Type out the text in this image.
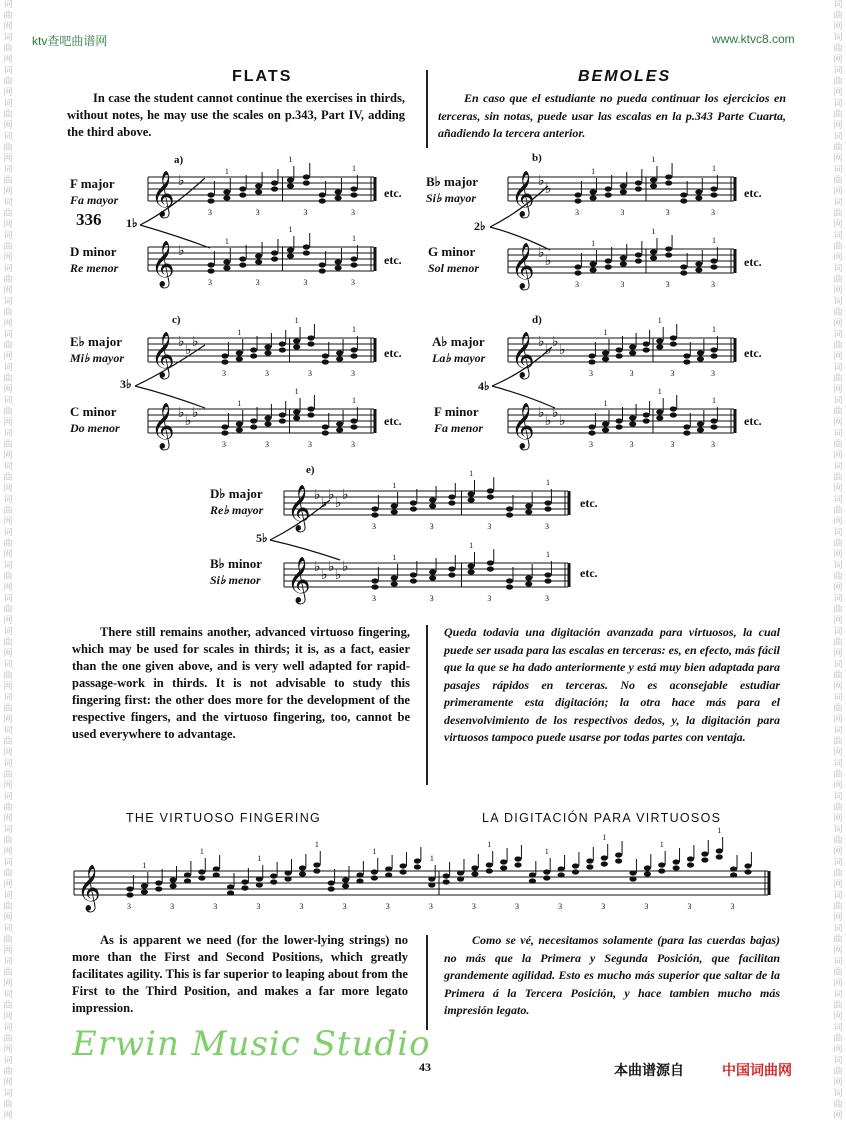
词曲网 词曲网 词曲网 词曲网 词曲网 词曲网 词曲网 词曲网 词曲网 词曲网 词曲网 词曲网 词曲网 词曲网 词曲网 词曲网 词曲网 词曲网 词曲网 词曲网 词曲网 词曲网 词曲网 词曲网 词曲网 词曲网 词曲网 词曲网 词曲网 词曲网 词曲网 词曲网 词曲网 词曲网
词曲网 词曲网 词曲网 词曲网 词曲网 词曲网 词曲网 词曲网 词曲网 词曲网 词曲网 词曲网 词曲网 词曲网 词曲网 词曲网 词曲网 词曲网 词曲网 词曲网 词曲网 词曲网 词曲网 词曲网 词曲网 词曲网 词曲网 词曲网 词曲网 词曲网 词曲网 词曲网 词曲网 词曲网
ktv查吧曲谱网	www.ktvc8.com
FLATS	BEMOLES
In case the student cannot continue the exercises in thirds, without notes, he may use the scales on p.343, Part IV, adding the third above.
En caso que el estudiante no pueda continuar los ejercicios en terceras, sin notas, puede usar las escalas en la p.343 Parte Cuarta, añadiendo la tercera anterior.
F major
Fa mayor
336 1♭
D minor
Re menor
a)
𝄞 ♭
3
1
3
1
3	3
1
𝄞 ♭
3
1
3
1
3	3
1
etc.
etc.
B♭ major
Si♭ mayor
2♭
G minor
Sol menor
b)
𝄞 ♭ ♭
3
1
3
1
3	3
1
𝄞 ♭ ♭
3
1
3
1
3	3
1
etc.
etc.
E♭ major
Mi♭ mayor
3♭
C minor
Do menor
c)
𝄞 ♭ ♭ ♭
3
1
3
1
3	3
1
𝄞 ♭ ♭ ♭
3
1
3
1
3	3
1
etc.
etc.
A♭ major
La♭ mayor
4♭
F minor
Fa menor
d)
𝄞 ♭ ♭ ♭ ♭
3
1
3
1
3	3
1
𝄞 ♭ ♭ ♭ ♭
3
1
3
1
3	3
1
etc.
etc.
D♭ major
Re♭ mayor
5♭
B♭ minor
Si♭ menor
e)
𝄞 ♭ ♭ ♭ ♭ ♭
3
1
3
1
3	3
1
𝄞 ♭ ♭ ♭ ♭ ♭
3
1
3
1
3	3
1
etc.
etc.
There still remains another, advanced virtuoso fingering, which may be used for scales in thirds; it is, as a fact, easier than the one given above, and is very well adapted for rapid-passage-work in thirds. It is not advisable to study this fingering first: the other does more for the development of the respective fingers, and the virtuoso fingering, too, cannot be used everywhere to advantage.
Queda todavia una digitación avanzada para virtuosos, la cual puede ser usada para las escalas en terceras: es, en efecto, más fácil que la que se ha dado anteriormente y está muy bien adaptada para pasajes rápidos en terceras. No es aconsejable estudiar primeramente esta digitación; la otra hace más para el desenvolvimiento de los respectivos dedos, y, la digitación para virtuosos tampoco puede usarse por todas partes con ventaja.
THE VIRTUOSO FINGERING	LA DIGITACIÓN PARA VIRTUOSOS
𝄞	3
1
3
1
3	3
1
3
1
3
1
3	3
1
3
1
3
1
3	3
1
3
1
3
1
3
As is apparent we need (for the lower-lying strings) no more than the First and Second Positions, which greatly facilitates agility. This is far superior to leaping about from the First to the Third Position, and makes a far more legato impression.
Como se vé, necesitamos solamente (para las cuerdas bajas) no más que la Primera y Segunda Posición, que facilitan grandemente agilidad. Esto es mucho más superior que saltar de la Primera á la Tercera Posición, y hace tambien mucho más impresión legato.
Erwin Music Studio
43	本曲谱源自	中国词曲网
